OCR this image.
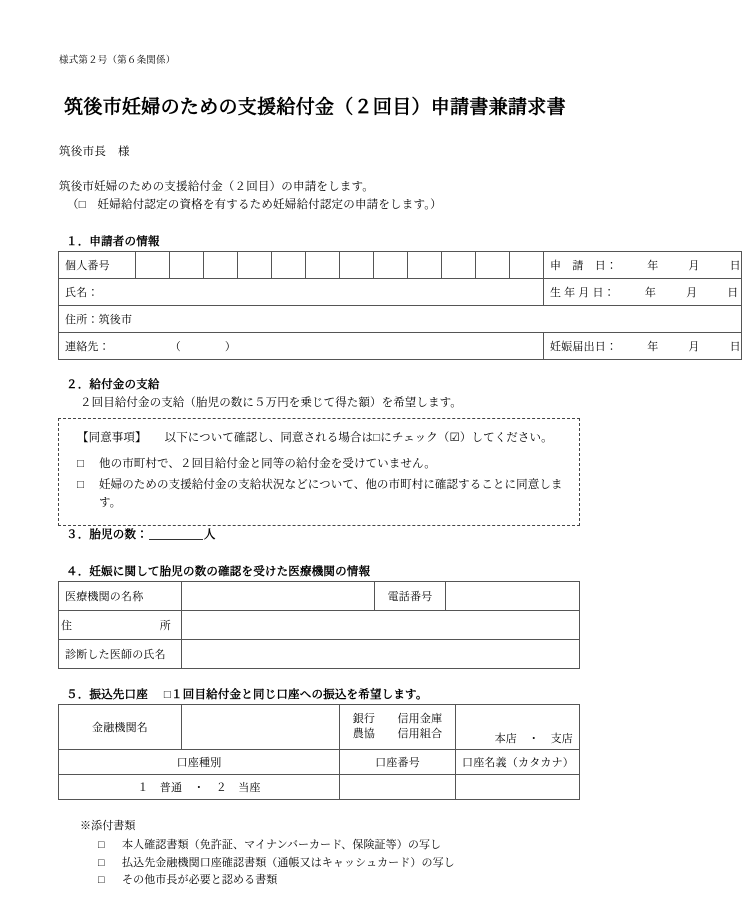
様式第２号（第６条関係）
筑後市妊婦のための支援給付金（２回目）申請書兼請求書
筑後市長　様
筑後市妊婦のための支援給付金（２回目）の申請をします。
（□　妊婦給付認定の資格を有するため妊婦給付認定の申請をします。）
１．申請者の情報
個人番号													申　請　日： 年 月 日

氏名：													生 年 月 日： 年 月 日

住所：筑後市													
連絡先： （ ）													妊娠届出日： 年 月 日
２．給付金の支給
２回目給付金の支給（胎児の数に５万円を乗じて得た額）を希望します。
【同意事項】 以下について確認し、同意される場合は□にチェック（☑）してください。
□	他の市町村で、２回目給付金と同等の給付金を受けていません。
□	妊婦のための支援給付金の支給状況などについて、他の市町村に確認することに同意します。
３．胎児の数：	人
４．妊娠に関して胎児の数の確認を受けた医療機関の情報
医療機関の名称		電話番号	

住 所			

診断した医師の氏名			
５．振込先口座 □１回目給付金と同じ口座への振込を希望します。
金融機関名		銀行　　信用金庫
農協　　信用組合	本店　・　支店
口座種別		口座番号	口座名義（カタカナ）
１　普通　・　２　当座			
※添付書類
□	本人確認書類（免許証、マイナンバーカード、保険証等）の写し
□	払込先金融機関口座確認書類（通帳又はキャッシュカード）の写し
□	その他市長が必要と認める書類
